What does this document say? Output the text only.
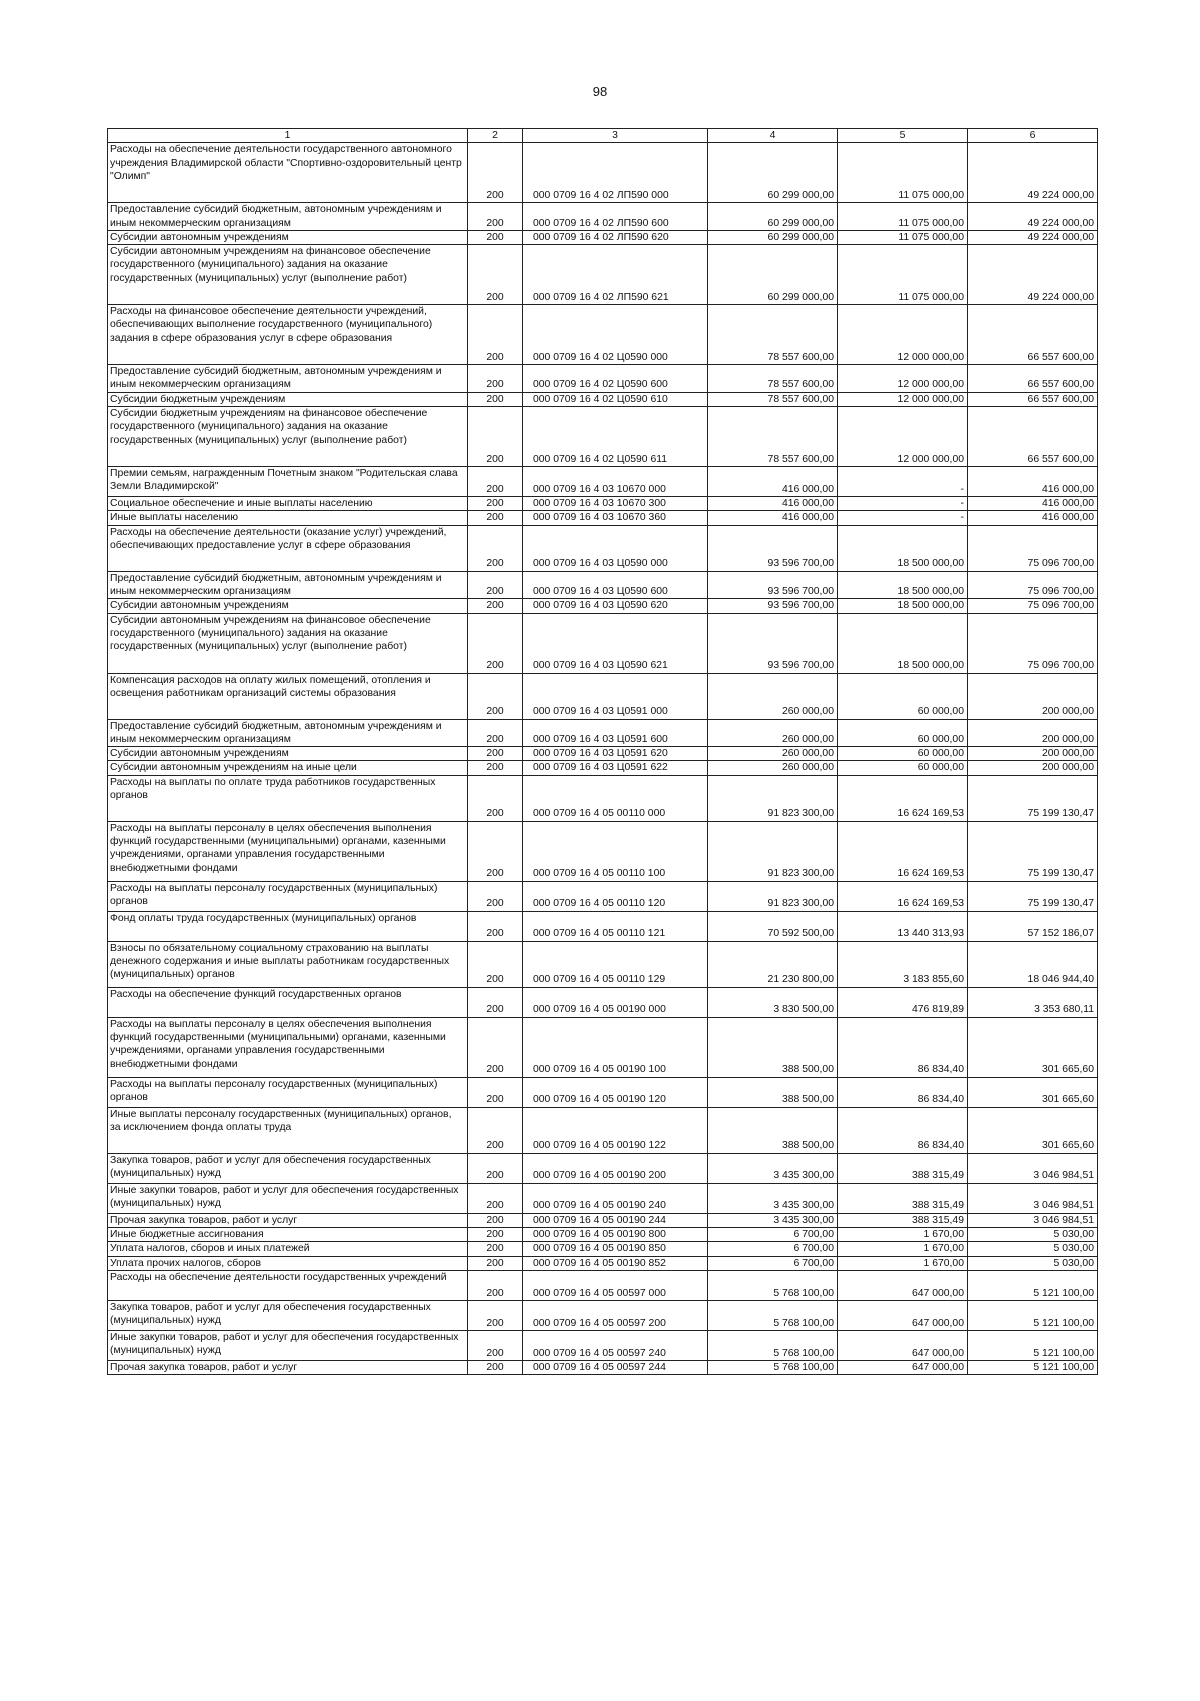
98
1	2	3	4	5	6
Расходы на обеспечение деятельности государственного автономного учреждения Владимирской области "Спортивно-оздоровительный центр "Олимп"	200	000 0709 16 4 02 ЛП590 000	60 299 000,00	11 075 000,00	49 224 000,00
Предоставление субсидий бюджетным, автономным учреждениям и иным некоммерческим организациям	200	000 0709 16 4 02 ЛП590 600	60 299 000,00	11 075 000,00	49 224 000,00
Субсидии автономным учреждениям	200	000 0709 16 4 02 ЛП590 620	60 299 000,00	11 075 000,00	49 224 000,00
Субсидии автономным учреждениям на финансовое обеспечение государственного (муниципального) задания на оказание государственных (муниципальных) услуг (выполнение работ)	200	000 0709 16 4 02 ЛП590 621	60 299 000,00	11 075 000,00	49 224 000,00
Расходы на финансовое обеспечение деятельности учреждений, обеспечивающих выполнение государственного (муниципального) задания в сфере образования услуг в сфере образования	200	000 0709 16 4 02 Ц0590 000	78 557 600,00	12 000 000,00	66 557 600,00
Предоставление субсидий бюджетным, автономным учреждениям и иным некоммерческим организациям	200	000 0709 16 4 02 Ц0590 600	78 557 600,00	12 000 000,00	66 557 600,00
Субсидии бюджетным учреждениям	200	000 0709 16 4 02 Ц0590 610	78 557 600,00	12 000 000,00	66 557 600,00
Субсидии бюджетным учреждениям на финансовое обеспечение государственного (муниципального) задания на оказание государственных (муниципальных) услуг (выполнение работ)	200	000 0709 16 4 02 Ц0590 611	78 557 600,00	12 000 000,00	66 557 600,00
Премии семьям, награжденным Почетным знаком "Родительская слава Земли Владимирской"	200	000 0709 16 4 03 10670 000	416 000,00	-	416 000,00
Социальное обеспечение и иные выплаты населению	200	000 0709 16 4 03 10670 300	416 000,00	-	416 000,00
Иные выплаты населению	200	000 0709 16 4 03 10670 360	416 000,00	-	416 000,00
Расходы на обеспечение деятельности (оказание услуг) учреждений, обеспечивающих предоставление услуг в сфере образования	200	000 0709 16 4 03 Ц0590 000	93 596 700,00	18 500 000,00	75 096 700,00
Предоставление субсидий бюджетным, автономным учреждениям и иным некоммерческим организациям	200	000 0709 16 4 03 Ц0590 600	93 596 700,00	18 500 000,00	75 096 700,00
Субсидии автономным учреждениям	200	000 0709 16 4 03 Ц0590 620	93 596 700,00	18 500 000,00	75 096 700,00
Субсидии автономным учреждениям на финансовое обеспечение государственного (муниципального) задания на оказание государственных (муниципальных) услуг (выполнение работ)	200	000 0709 16 4 03 Ц0590 621	93 596 700,00	18 500 000,00	75 096 700,00
Компенсация расходов на оплату жилых помещений, отопления и освещения работникам организаций системы образования	200	000 0709 16 4 03 Ц0591 000	260 000,00	60 000,00	200 000,00
Предоставление субсидий бюджетным, автономным учреждениям и иным некоммерческим организациям	200	000 0709 16 4 03 Ц0591 600	260 000,00	60 000,00	200 000,00
Субсидии автономным учреждениям	200	000 0709 16 4 03 Ц0591 620	260 000,00	60 000,00	200 000,00
Субсидии автономным учреждениям на иные цели	200	000 0709 16 4 03 Ц0591 622	260 000,00	60 000,00	200 000,00
Расходы на выплаты по оплате труда работников государственных органов	200	000 0709 16 4 05 00110 000	91 823 300,00	16 624 169,53	75 199 130,47
Расходы на выплаты персоналу в целях обеспечения выполнения функций государственными (муниципальными) органами, казенными учреждениями, органами управления государственными внебюджетными фондами	200	000 0709 16 4 05 00110 100	91 823 300,00	16 624 169,53	75 199 130,47
Расходы на выплаты персоналу государственных (муниципальных) органов	200	000 0709 16 4 05 00110 120	91 823 300,00	16 624 169,53	75 199 130,47
Фонд оплаты труда государственных (муниципальных) органов	200	000 0709 16 4 05 00110 121	70 592 500,00	13 440 313,93	57 152 186,07
Взносы по обязательному социальному страхованию на выплаты денежного содержания и иные выплаты работникам государственных (муниципальных) органов	200	000 0709 16 4 05 00110 129	21 230 800,00	3 183 855,60	18 046 944,40
Расходы на обеспечение функций государственных органов	200	000 0709 16 4 05 00190 000	3 830 500,00	476 819,89	3 353 680,11
Расходы на выплаты персоналу в целях обеспечения выполнения функций государственными (муниципальными) органами, казенными учреждениями, органами управления государственными внебюджетными фондами	200	000 0709 16 4 05 00190 100	388 500,00	86 834,40	301 665,60
Расходы на выплаты персоналу государственных (муниципальных) органов	200	000 0709 16 4 05 00190 120	388 500,00	86 834,40	301 665,60
Иные выплаты персоналу государственных (муниципальных) органов, за исключением фонда оплаты труда	200	000 0709 16 4 05 00190 122	388 500,00	86 834,40	301 665,60
Закупка товаров, работ и услуг для обеспечения государственных (муниципальных) нужд	200	000 0709 16 4 05 00190 200	3 435 300,00	388 315,49	3 046 984,51
Иные закупки товаров, работ и услуг для обеспечения государственных (муниципальных) нужд	200	000 0709 16 4 05 00190 240	3 435 300,00	388 315,49	3 046 984,51
Прочая закупка товаров, работ и услуг	200	000 0709 16 4 05 00190 244	3 435 300,00	388 315,49	3 046 984,51
Иные бюджетные ассигнования	200	000 0709 16 4 05 00190 800	6 700,00	1 670,00	5 030,00
Уплата налогов, сборов и иных платежей	200	000 0709 16 4 05 00190 850	6 700,00	1 670,00	5 030,00
Уплата прочих налогов, сборов	200	000 0709 16 4 05 00190 852	6 700,00	1 670,00	5 030,00
Расходы на обеспечение деятельности государственных учреждений	200	000 0709 16 4 05 00597 000	5 768 100,00	647 000,00	5 121 100,00
Закупка товаров, работ и услуг для обеспечения государственных (муниципальных) нужд	200	000 0709 16 4 05 00597 200	5 768 100,00	647 000,00	5 121 100,00
Иные закупки товаров, работ и услуг для обеспечения государственных (муниципальных) нужд	200	000 0709 16 4 05 00597 240	5 768 100,00	647 000,00	5 121 100,00
Прочая закупка товаров, работ и услуг	200	000 0709 16 4 05 00597 244	5 768 100,00	647 000,00	5 121 100,00
